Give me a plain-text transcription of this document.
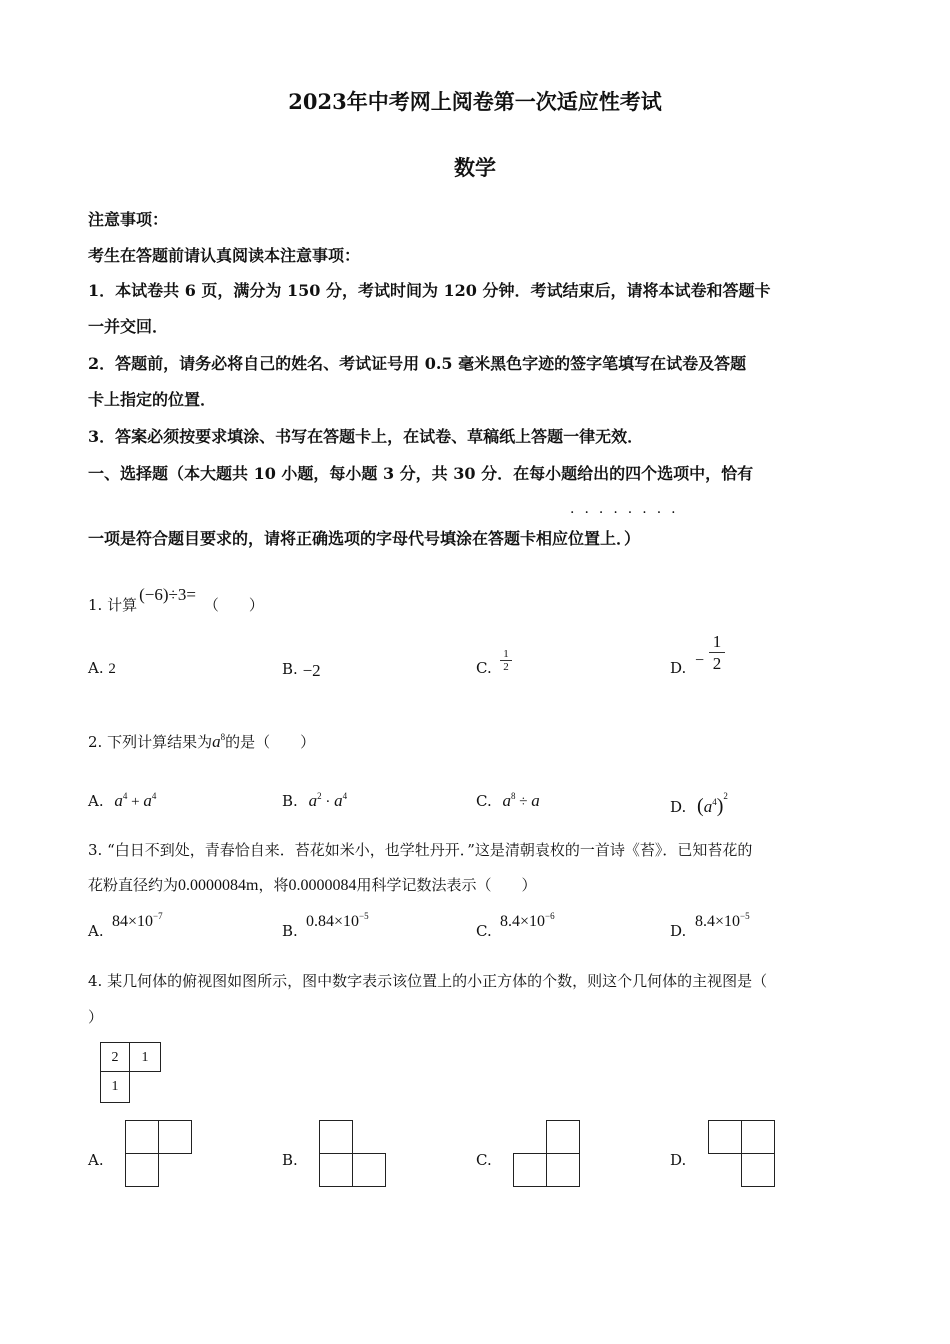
2023年中考网上阅卷第一次适应性考试
数学
注意事项：
考生在答题前请认真阅读本注意事项：
1．本试卷共 6 页，满分为 150 分，考试时间为 120 分钟．考试结束后，请将本试卷和答题卡
一并交回．
2．答题前，请务必将自己的姓名、考试证号用 0.5 毫米黑色字迹的签字笔填写在试卷及答题
卡上指定的位置．
3．答案必须按要求填涂、书写在答题卡上，在试卷、草稿纸上答题一律无效．
一、选择题（本大题共 10 小题，每小题 3 分，共 30 分．在每小题给出的四个选项中，恰有
········
一项是符合题目要求的，请将正确选项的字母代号填涂在答题卡相应位置上．）
1. 计算(−6)÷3=（　　）
A. 2	B. −2	C. $\frac{1}{2}$	D. − $\frac{1}{2}$
2. 下列计算结果为$a^8$的是（　　）
A. $a^4 + a^4$	B. $a^2 \cdot a^4$	C. $a^8 \div a$	D. $(a^4)^2$
3. “白日不到处，青春恰自来．苔花如米小，也学牡丹开．”这是清朝袁枚的一首诗《苔》．已知苔花的
花粉直径约为0.0000084m，将0.0000084用科学记数法表示（　　）
A.
$84\times 10^{-7}$
B.
$0.84\times 10^{-5}$
C.
$8.4\times 10^{-6}$
D.
$8.4\times 10^{-5}$
4. 某几何体的俯视图如图所示，图中数字表示该位置上的小正方体的个数，则这个几何体的主视图是（
）
2	1
1
A.	B.	C.	D.
